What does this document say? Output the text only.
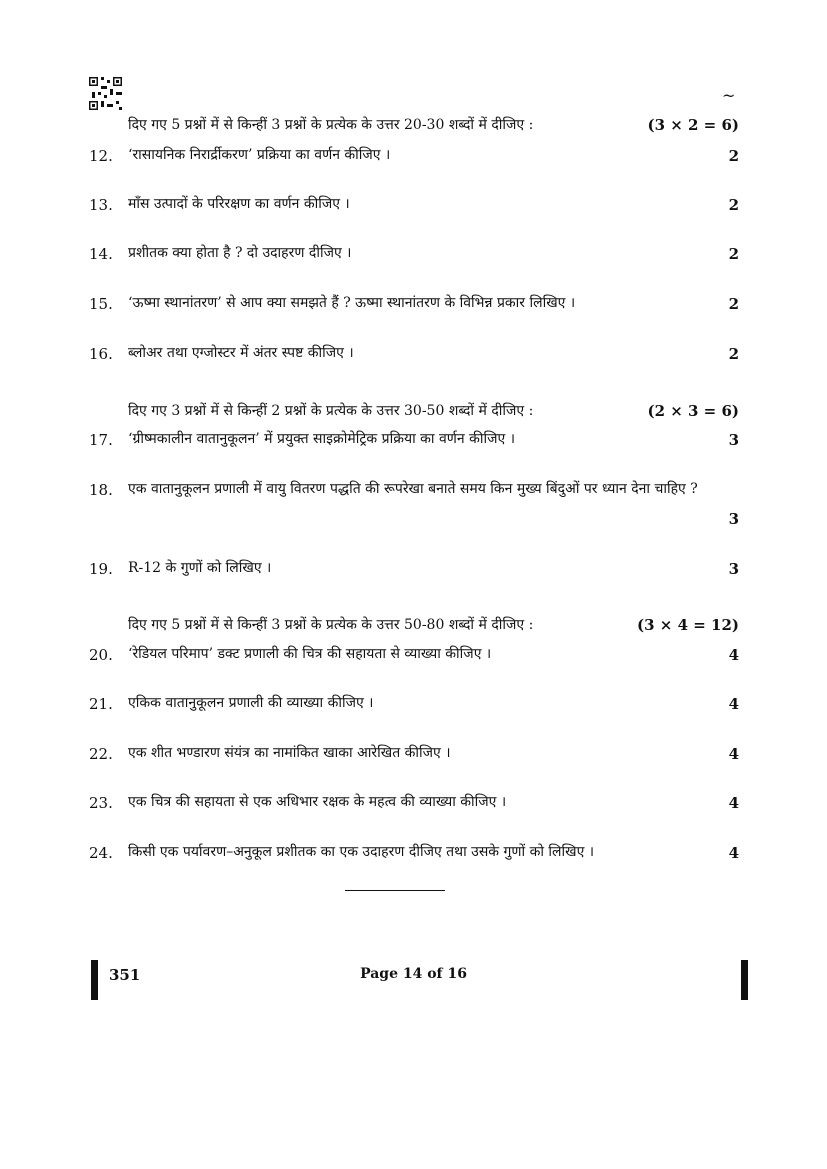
~
दिए गए 5 प्रश्नों में से किन्हीं 3 प्रश्नों के प्रत्येक के उत्तर 20-30 शब्दों में दीजिए :	(3 × 2 = 6)
12.	‘रासायनिक निरार्द्रीकरण’ प्रक्रिया का वर्णन कीजिए ।	2
13.	माँस उत्पादों के परिरक्षण का वर्णन कीजिए ।	2
14.	प्रशीतक क्या होता है ? दो उदाहरण दीजिए ।	2
15.	‘ऊष्मा स्थानांतरण’ से आप क्या समझते हैं ? ऊष्मा स्थानांतरण के विभिन्न प्रकार लिखिए ।	2
16.	ब्लोअर तथा एग्जोस्टर में अंतर स्पष्ट कीजिए ।	2
दिए गए 3 प्रश्नों में से किन्हीं 2 प्रश्नों के प्रत्येक के उत्तर 30-50 शब्दों में दीजिए :	(2 × 3 = 6)
17.	‘ग्रीष्मकालीन वातानुकूलन’ में प्रयुक्त साइक्रोमेट्रिक प्रक्रिया का वर्णन कीजिए ।	3
18.	एक वातानुकूलन प्रणाली में वायु वितरण पद्धति की रूपरेखा बनाते समय किन मुख्य बिंदुओं पर ध्यान देना चाहिए ?
3
19.	R-12 के गुणों को लिखिए ।	3
दिए गए 5 प्रश्नों में से किन्हीं 3 प्रश्नों के प्रत्येक के उत्तर 50-80 शब्दों में दीजिए :	(3 × 4 = 12)
20.	‘रेडियल परिमाप’ डक्ट प्रणाली की चित्र की सहायता से व्याख्या कीजिए ।	4
21.	एकिक वातानुकूलन प्रणाली की व्याख्या कीजिए ।	4
22.	एक शीत भण्डारण संयंत्र का नामांकित खाका आरेखित कीजिए ।	4
23.	एक चित्र की सहायता से एक अधिभार रक्षक के महत्व की व्याख्या कीजिए ।	4
24.	किसी एक पर्यावरण–अनुकूल प्रशीतक का एक उदाहरण दीजिए तथा उसके गुणों को लिखिए ।	4
351	Page 14 of 16
